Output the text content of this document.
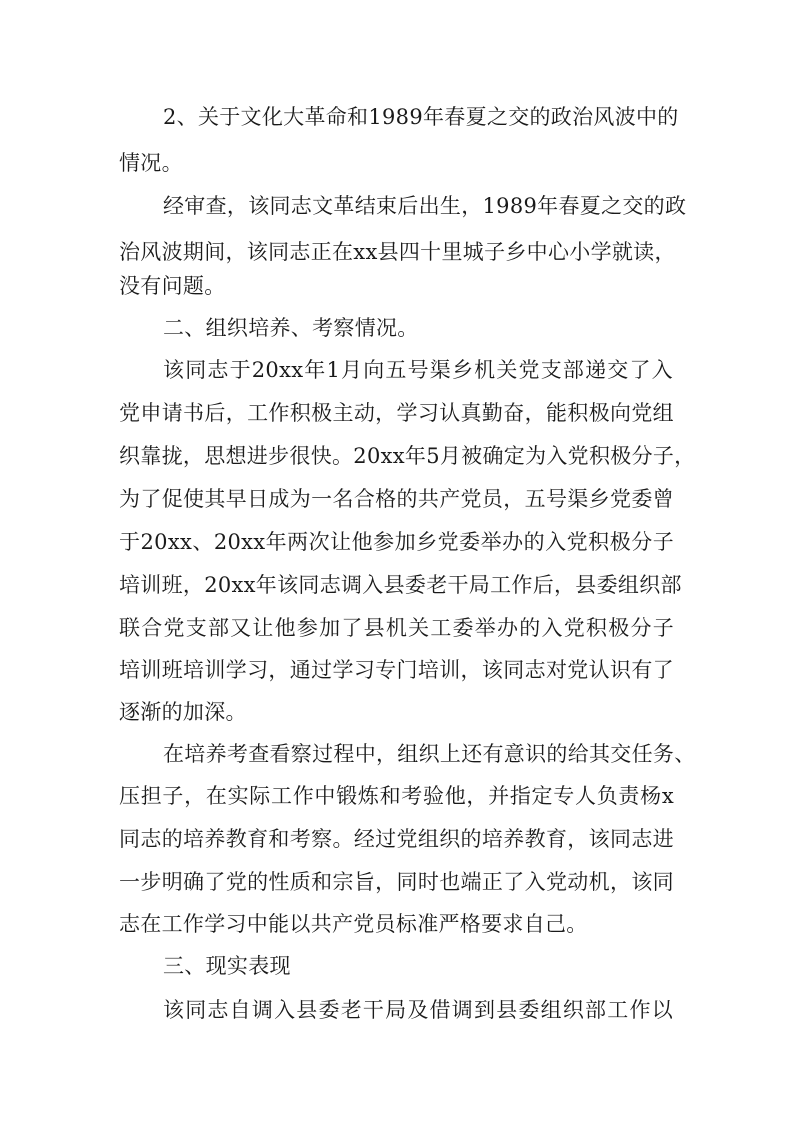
2、关于文化大革命和1989年春夏之交的政治风波中的
情况。
经审查，该同志文革结束后出生，1989年春夏之交的政
治风波期间，该同志正在xx县四十里城子乡中心小学就读，
没有问题。
二、组织培养、考察情况。
该同志于20xx年1月向五号渠乡机关党支部递交了入
党申请书后，工作积极主动，学习认真勤奋，能积极向党组
织靠拢，思想进步很快。20xx年5月被确定为入党积极分子，
为了促使其早日成为一名合格的共产党员，五号渠乡党委曾
于20xx、20xx年两次让他参加乡党委举办的入党积极分子
培训班，20xx年该同志调入县委老干局工作后，县委组织部
联合党支部又让他参加了县机关工委举办的入党积极分子
培训班培训学习，通过学习专门培训，该同志对党认识有了
逐渐的加深。
在培养考查看察过程中，组织上还有意识的给其交任务、
压担子，在实际工作中锻炼和考验他，并指定专人负责杨x
同志的培养教育和考察。经过党组织的培养教育，该同志进
一步明确了党的性质和宗旨，同时也端正了入党动机，该同
志在工作学习中能以共产党员标准严格要求自己。
三、现实表现
该同志自调入县委老干局及借调到县委组织部工作以
